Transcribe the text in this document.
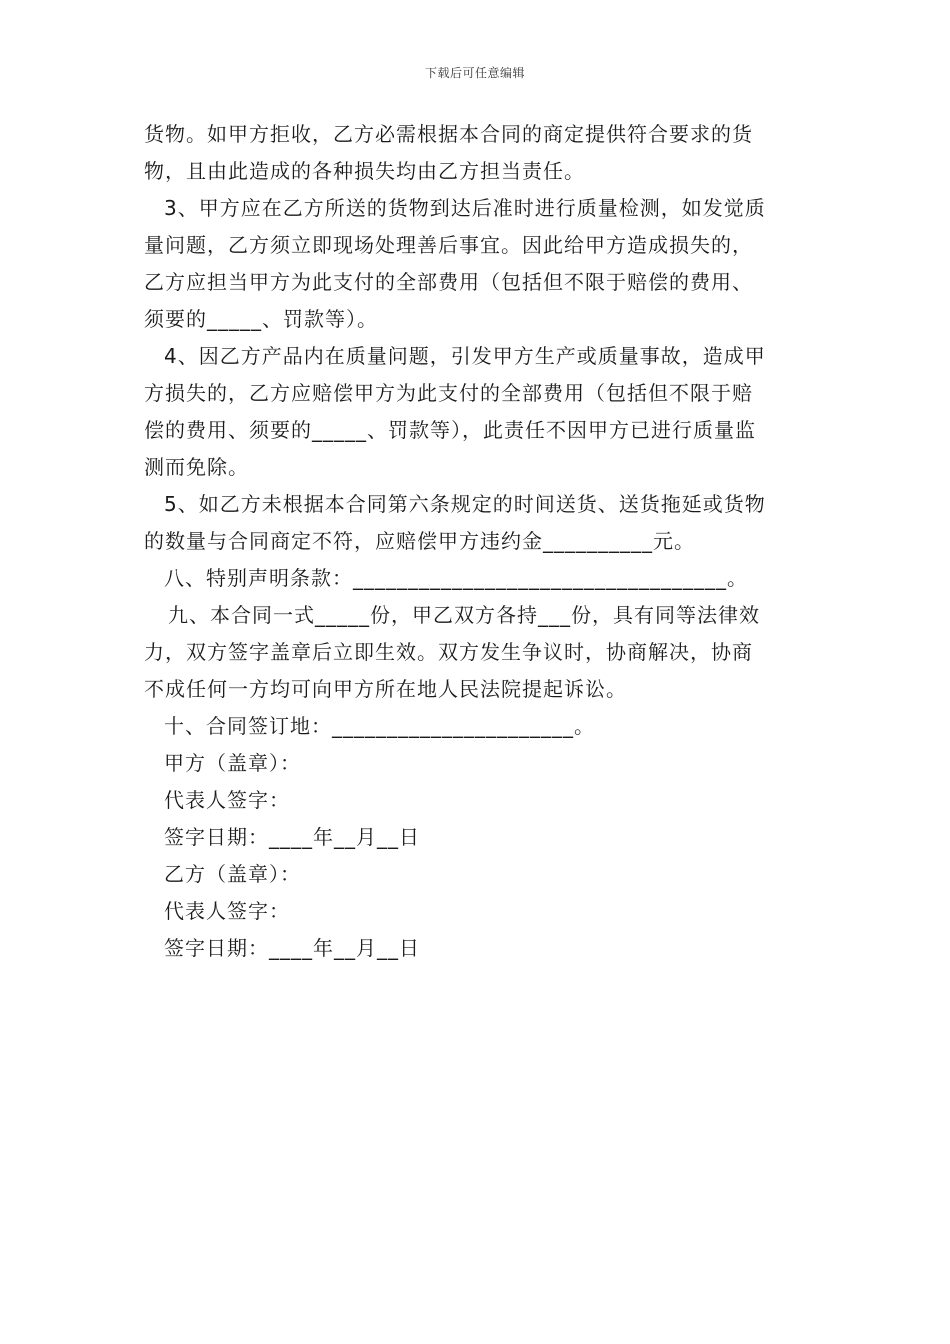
下载后可任意编辑

货物。如甲方拒收，乙方必需根据本合同的商定提供符合要求的货
物，且由此造成的各种损失均由乙方担当责任。

3、甲方应在乙方所送的货物到达后准时进行质量检测，如发觉质
量问题，乙方须立即现场处理善后事宜。因此给甲方造成损失的，
乙方应担当甲方为此支付的全部费用（包括但不限于赔偿的费用、
须要的_____、罚款等）。

4、因乙方产品内在质量问题，引发甲方生产或质量事故，造成甲
方损失的，乙方应赔偿甲方为此支付的全部费用（包括但不限于赔
偿的费用、须要的_____、罚款等），此责任不因甲方已进行质量监
测而免除。

5、如乙方未根据本合同第六条规定的时间送货、送货拖延或货物
的数量与合同商定不符，应赔偿甲方违约金__________元。

八、特别声明条款：__________________________________。

九、本合同一式_____份，甲乙双方各持___份，具有同等法律效
力，双方签字盖章后立即生效。双方发生争议时，协商解决，协商
不成任何一方均可向甲方所在地人民法院提起诉讼。

十、合同签订地：______________________。

甲方（盖章）：

代表人签字：

签字日期：____年__月__日

乙方（盖章）：

代表人签字：

签字日期：____年__月__日
